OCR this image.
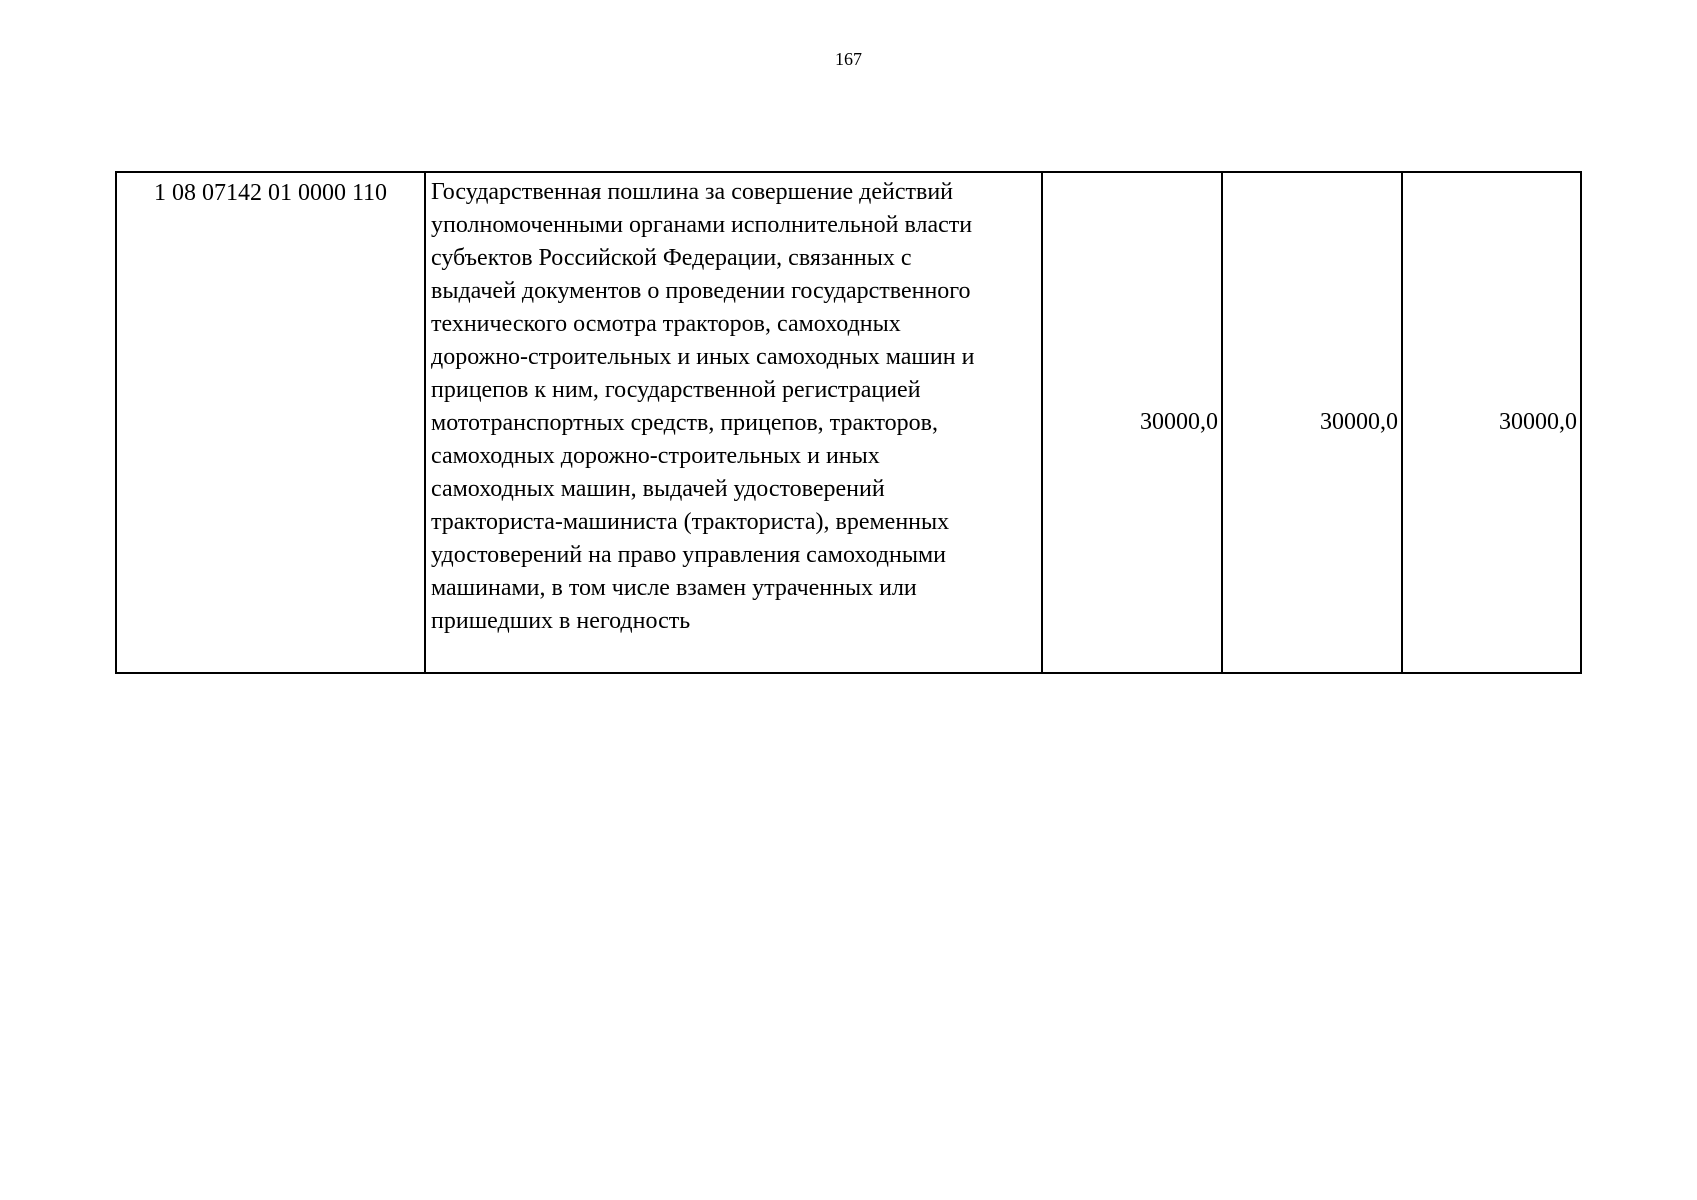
167
1 08 07142 01 0000 110	Государственная пошлина за совершение действий
уполномоченными органами исполнительной власти
субъектов Российской Федерации, связанных с
выдачей документов о проведении государственного
технического осмотра тракторов, самоходных
дорожно-строительных и иных самоходных машин и
прицепов к ним, государственной регистрацией
мототранспортных средств, прицепов, тракторов,
самоходных дорожно-строительных и иных
самоходных машин, выдачей удостоверений
тракториста-машиниста (тракториста), временных
удостоверений на право управления самоходными
машинами, в том числе взамен утраченных или
пришедших в негодность
	30000,0	30000,0	30000,0
